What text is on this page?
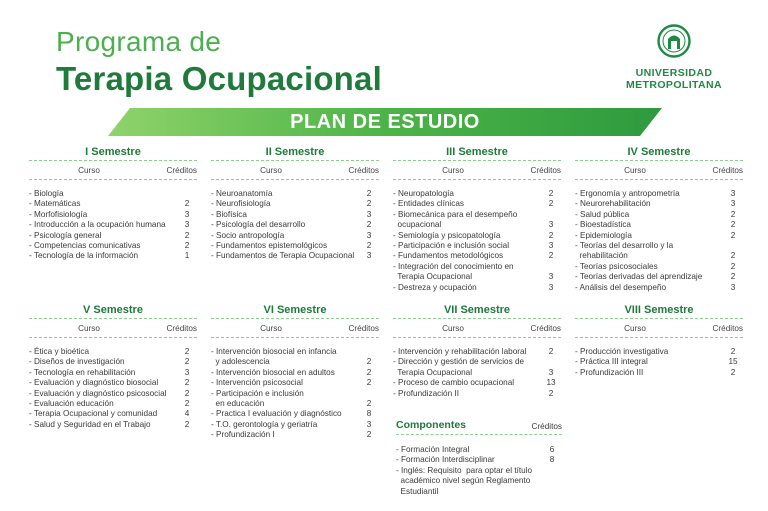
Programa de
Terapia Ocupacional	UNIVERSIDAD
METROPOLITANA
PLAN DE ESTUDIO
I Semestre
Curso	Créditos
- Biología
- Matemáticas	2
- Morfofisiología	3
- Introducción a la ocupación humana	3
- Psicología general	2
- Competencias comunicativas	2
- Tecnología de la información	1
II Semestre
Curso	Créditos
- Neuroanatomía	2
- Neurofisiología	2
- Biofísica	3
- Psicología del desarrollo	2
- Socio antropología	3
- Fundamentos epistemológicos	2
- Fundamentos de Terapia Ocupacional	3
III Semestre
Curso	Créditos
- Neuropatología	2
- Entidades clínicas	2
- Biomecánica para el desempeño
ocupacional	3
- Semiología y psicopatología	2
- Participación e inclusión social	3
- Fundamentos metodológicos	2
- Integración del conocimiento en
Terapia Ocupacional	3
- Destreza y ocupación	3
IV Semestre
Curso	Créditos
- Ergonomía y antropometría	3
- Neurorehabilitación	3
- Salud pública	2
- Bioestadística	2
- Epidemiología	2
- Teorías del desarrollo y la
rehabilitación	2
- Teorías psicosociales	2
- Teorías derivadas del aprendizaje	2
- Análisis del desempeño	3
V Semestre
Curso	Créditos
- Ética y bioética	2
- Diseños de investigación	2
- Tecnología en rehabilitación	3
- Evaluación y diagnóstico biosocial	2
- Evaluación y diagnóstico psicosocial	2
- Evaluación educación	2
- Terapia Ocupacional y comunidad	4
- Salud y Seguridad en el Trabajo	2
VI Semestre
Curso	Créditos
- Intervención biosocial en infancia
y adolescencia	2
- Intervención biosocial en adultos	2
- Intervención psicosocial	2
- Participación e inclusión
en educación	2
- Practica I evaluación y diagnóstico	8
- T.O. gerontología y geriatría	3
- Profundización I	2
VII Semestre
Curso	Créditos
- Intervención y rehabilitación laboral	2
- Dirección y gestión de servicios de
Terapia Ocupacional	3
- Proceso de cambio ocupacional	13
- Profundización II	2
VIII Semestre
Curso	Créditos
- Producción investigativa	2
- Práctica III integral	15
- Profundización III	2
Componentes	Créditos
- Formación Integral	6
- Formación Interdisciplinar	8
- Inglés: Requisito  para optar el título
académico nivel según Reglamento
Estudiantil
